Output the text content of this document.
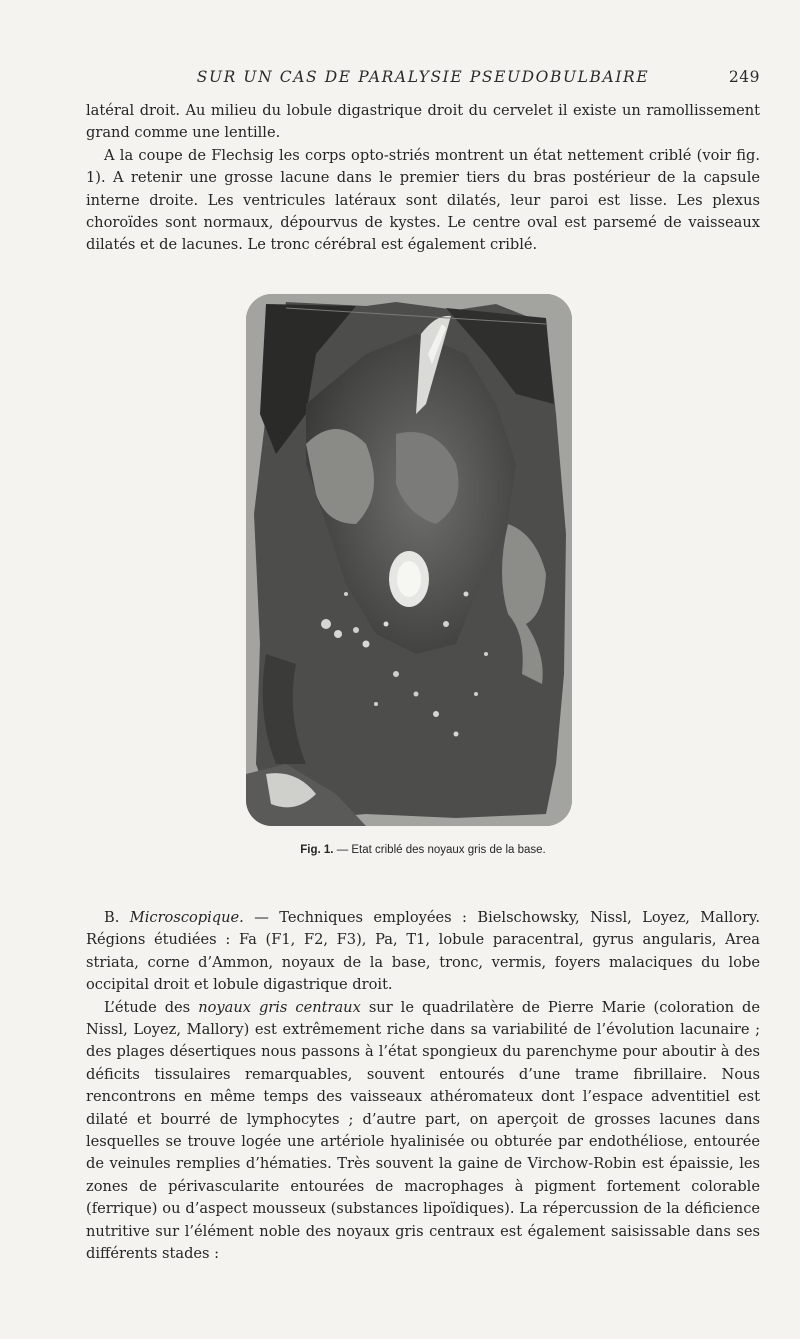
SUR UN CAS DE PARALYSIE PSEUDOBULBAIRE	249

latéral droit. Au milieu du lobule digastrique droit du cervelet il existe un ramollissement grand comme une lentille.

A la coupe de Flechsig les corps opto-striés montrent un état nettement criblé (voir fig. 1). A retenir une grosse lacune dans le premier tiers du bras postérieur de la capsule interne droite. Les ventricules latéraux sont dilatés, leur paroi est lisse. Les plexus choroïdes sont normaux, dépourvus de kystes. Le centre oval est parsemé de vaisseaux dilatés et de lacunes. Le tronc cérébral est également criblé.

Fig. 1. — Etat criblé des noyaux gris de la base.

B. Microscopique. — Techniques employées : Bielschowsky, Nissl, Loyez, Mallory. Régions étudiées : Fa (F1, F2, F3), Pa, T1, lobule paracentral, gyrus angularis, Area striata, corne d’Ammon, noyaux de la base, tronc, vermis, foyers malaciques du lobe occipital droit et lobule digastrique droit.

L’étude des noyaux gris centraux sur le quadrilatère de Pierre Marie (coloration de Nissl, Loyez, Mallory) est extrêmement riche dans sa variabilité de l’évolution lacunaire ; des plages désertiques nous passons à l’état spongieux du parenchyme pour aboutir à des déficits tissulaires remarquables, souvent entourés d’une trame fibrillaire. Nous rencontrons en même temps des vaisseaux athéromateux dont l’espace adventitiel est dilaté et bourré de lymphocytes ; d’autre part, on aperçoit de grosses lacunes dans lesquelles se trouve logée une artériole hyalinisée ou obturée par endothéliose, entourée de veinules remplies d’hématies. Très souvent la gaine de Virchow-Robin est épaissie, les zones de périvascularite entourées de macrophages à pigment fortement colorable (ferrique) ou d’aspect mousseux (substances lipoïdiques). La répercussion de la déficience nutritive sur l’élément noble des noyaux gris centraux est également saisissable dans ses différents stades :
